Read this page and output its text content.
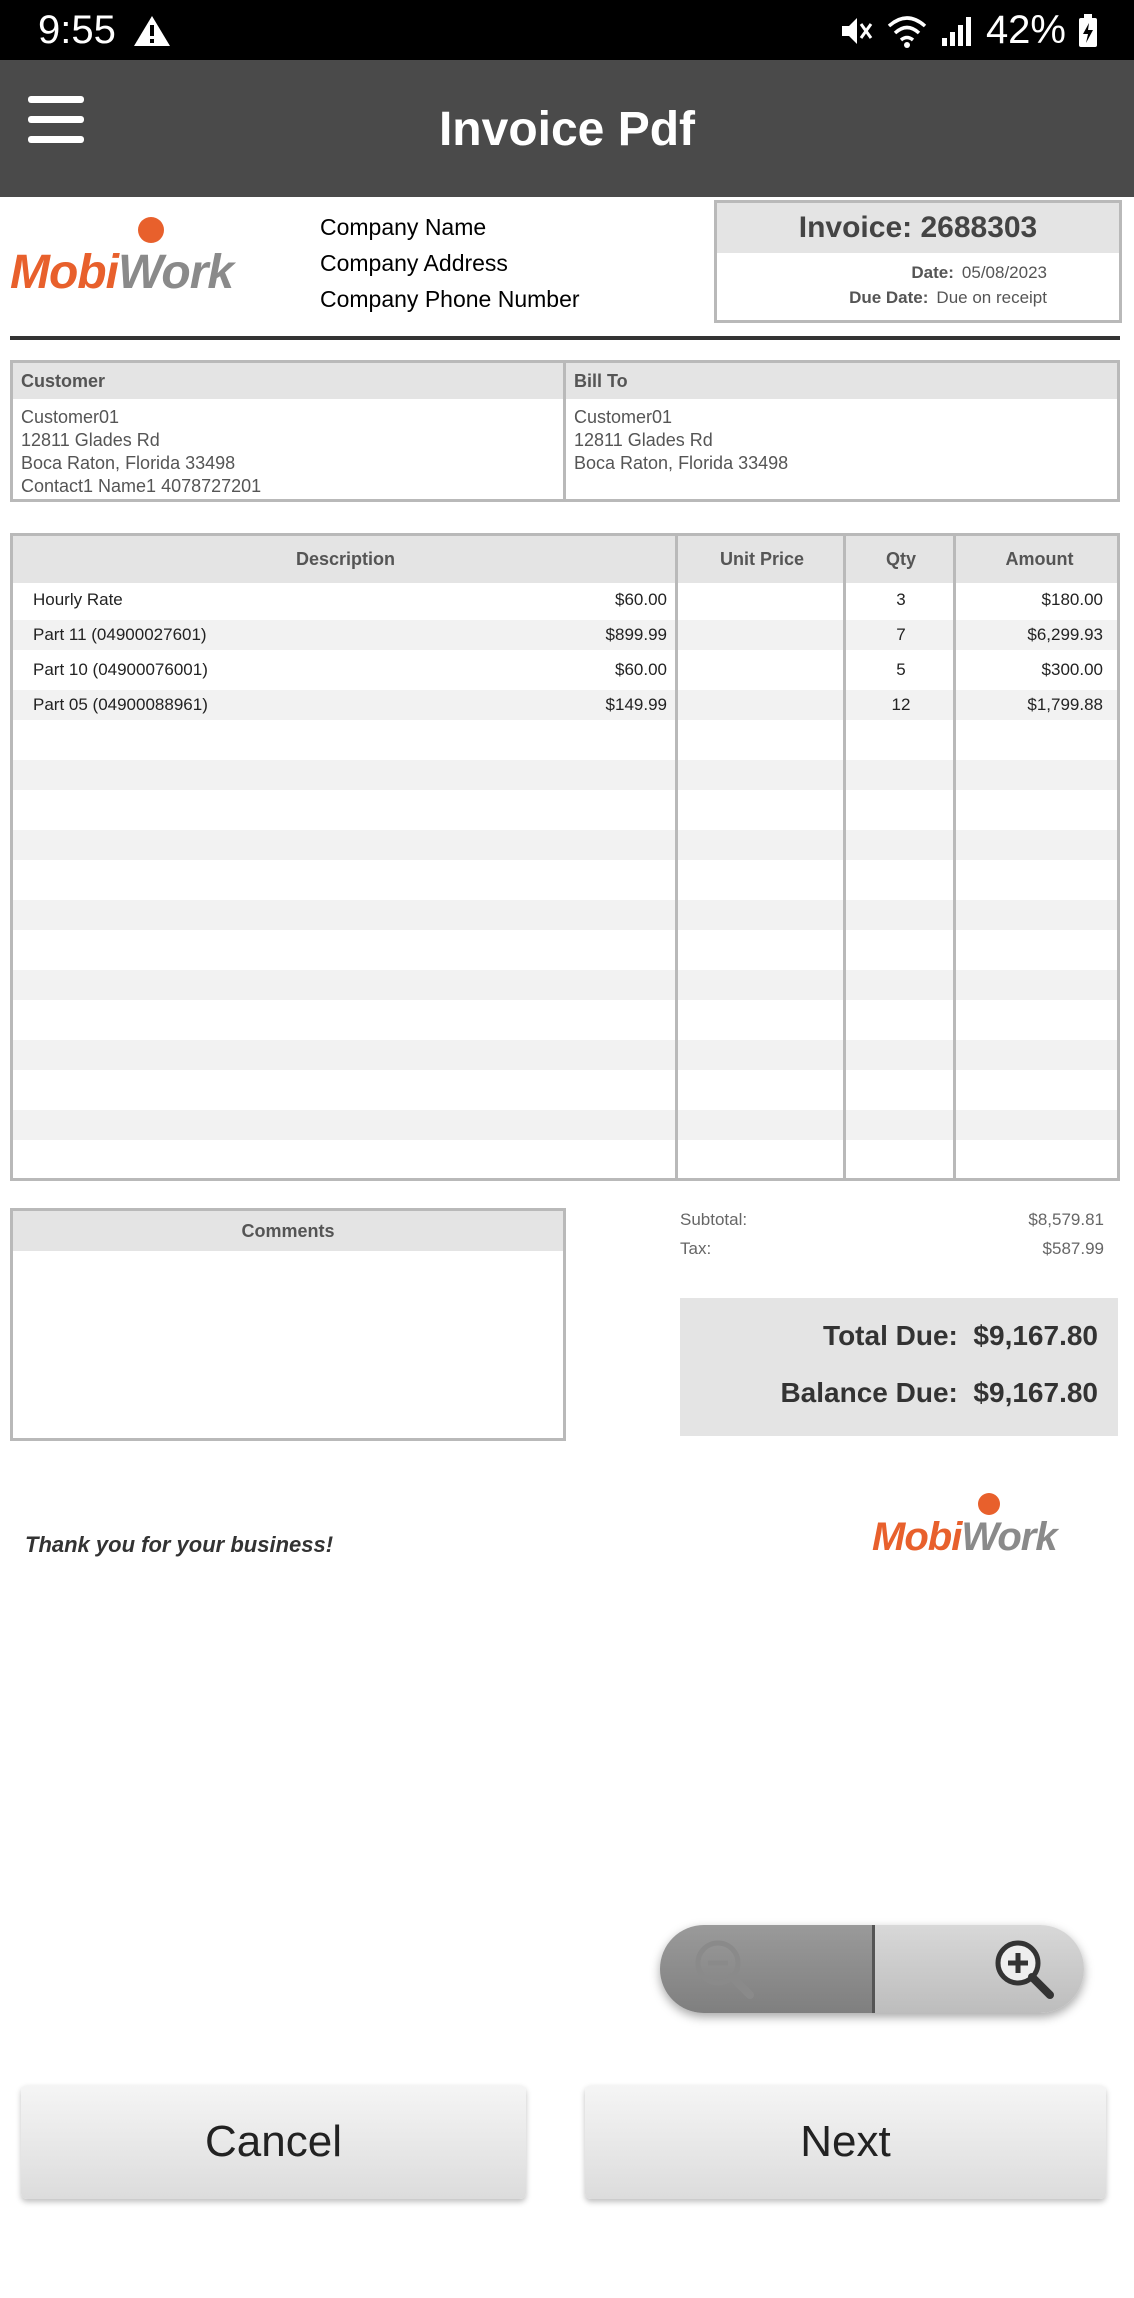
9:55	42%
Invoice Pdf
MobiWork
Company Name
Company Address
Company Phone Number
Invoice: 2688303
Date: 05/08/2023
Due Date: Due on receipt
Customer
Customer01
12811 Glades Rd
Boca Raton, Florida 33498
Contact1 Name1 4078727201
Bill To
Customer01
12811 Glades Rd
Boca Raton, Florida 33498
Description	Unit Price	Qty	Amount
Hourly Rate	$60.00	3	$180.00
Part 11 (04900027601)	$899.99	7	$6,299.93
Part 10 (04900076001)	$60.00	5	$300.00
Part 05 (04900088961)	$149.99	12	$1,799.88
Comments
Subtotal:	$8,579.81
Tax:	$587.99
Total Due: $9,167.80
Balance Due: $9,167.80
Thank you for your business!	MobiWork
Cancel	Next
